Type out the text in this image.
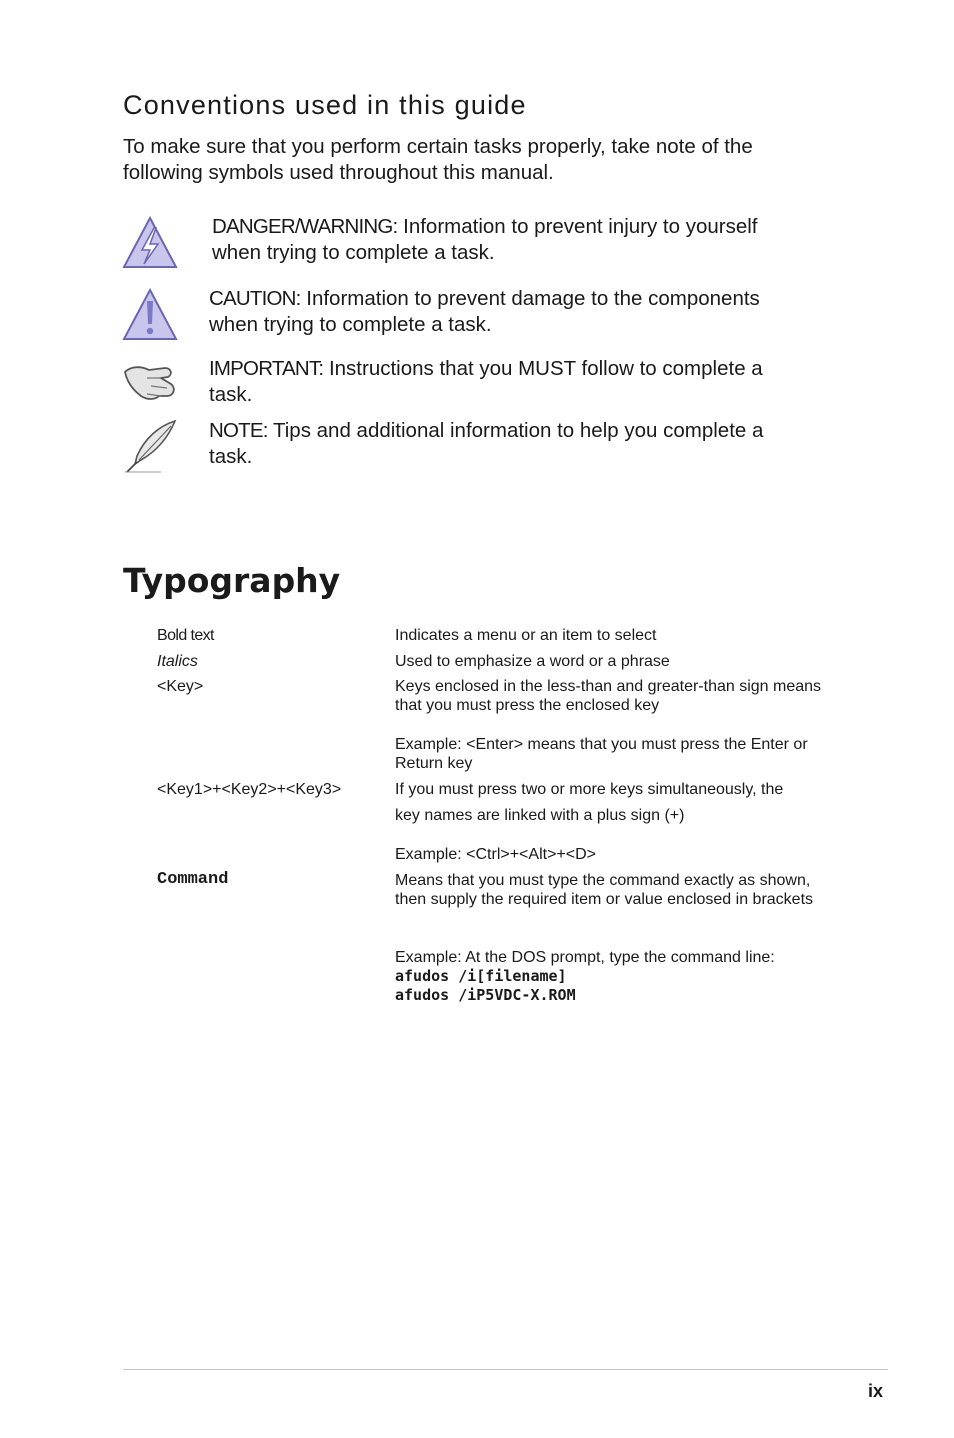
Conventions used in this guide

To make sure that you perform certain tasks properly, take note of the following symbols used throughout this manual.

DANGER/WARNING: Information to prevent injury to yourself when trying to complete a task.

CAUTION: Information to prevent damage to the components when trying to complete a task.

IMPORTANT: Instructions that you MUST follow to complete a task.

NOTE: Tips and additional information to help you complete a task.

Typography
Bold text	Indicates a menu or an item to select
Italics	Used to emphasize a word or a phrase
<Key>	Keys enclosed in the less-than and greater-than sign means that you must press the enclosed key
Example: <Enter> means that you must press the Enter or Return key
<Key1>+<Key2>+<Key3>	If you must press two or more keys simultaneously, the
key names are linked with a plus sign (+)
Example: <Ctrl>+<Alt>+<D>
Command	Means that you must type the command exactly as shown, then supply the required item or value enclosed in brackets
Example: At the DOS prompt, type the command line:
afudos /i[filename]
afudos /iP5VDC-X.ROM
ix
